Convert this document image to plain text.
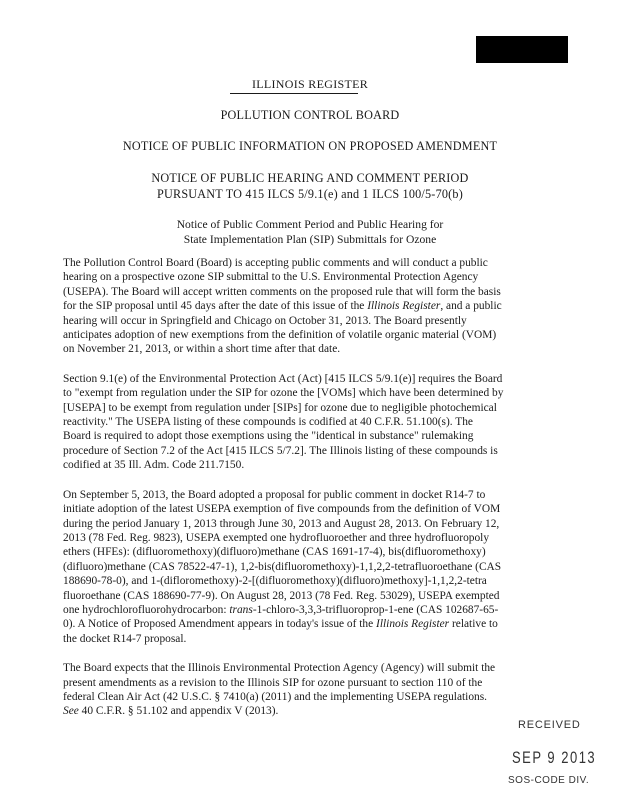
ILLINOIS REGISTER
POLLUTION CONTROL BOARD
NOTICE OF PUBLIC INFORMATION ON PROPOSED AMENDMENT
NOTICE OF PUBLIC HEARING AND COMMENT PERIOD
PURSUANT TO 415 ILCS 5/9.1(e) and 1 ILCS 100/5-70(b)
Notice of Public Comment Period and Public Hearing for
State Implementation Plan (SIP) Submittals for Ozone

The Pollution Control Board (Board) is accepting public comments and will conduct a public
hearing on a prospective ozone SIP submittal to the U.S. Environmental Protection Agency
(USEPA). The Board will accept written comments on the proposed rule that will form the basis
for the SIP proposal until 45 days after the date of this issue of the Illinois Register, and a public
hearing will occur in Springfield and Chicago on October 31, 2013. The Board presently
anticipates adoption of new exemptions from the definition of volatile organic material (VOM)
on November 21, 2013, or within a short time after that date.

Section 9.1(e) of the Environmental Protection Act (Act) [415 ILCS 5/9.1(e)] requires the Board
to "exempt from regulation under the SIP for ozone the [VOMs] which have been determined by
[USEPA] to be exempt from regulation under [SIPs] for ozone due to negligible photochemical
reactivity." The USEPA listing of these compounds is codified at 40 C.F.R. 51.100(s). The
Board is required to adopt those exemptions using the "identical in substance" rulemaking
procedure of Section 7.2 of the Act [415 ILCS 5/7.2]. The Illinois listing of these compounds is
codified at 35 Ill. Adm. Code 211.7150.

On September 5, 2013, the Board adopted a proposal for public comment in docket R14-7 to
initiate adoption of the latest USEPA exemption of five compounds from the definition of VOM
during the period January 1, 2013 through June 30, 2013 and August 28, 2013. On February 12,
2013 (78 Fed. Reg. 9823), USEPA exempted one hydrofluoroether and three hydrofluoropoly
ethers (HFEs): (difluoromethoxy)(difluoro)methane (CAS 1691-17-4), bis(difluoromethoxy)
(difluoro)methane (CAS 78522-47-1), 1,2-bis(difluoromethoxy)-1,1,2,2-tetrafluoroethane (CAS
188690-78-0), and 1-(difloromethoxy)-2-[(difluoromethoxy)(difluoro)methoxy]-1,1,2,2-tetra
fluoroethane (CAS 188690-77-9). On August 28, 2013 (78 Fed. Reg. 53029), USEPA exempted
one hydrochlorofluorohydrocarbon: trans-1-chloro-3,3,3-trifluoroprop-1-ene (CAS 102687-65-
0). A Notice of Proposed Amendment appears in today's issue of the Illinois Register relative to
the docket R14-7 proposal.

The Board expects that the Illinois Environmental Protection Agency (Agency) will submit the
present amendments as a revision to the Illinois SIP for ozone pursuant to section 110 of the
federal Clean Air Act (42 U.S.C. § 7410(a) (2011) and the implementing USEPA regulations.
See 40 C.F.R. § 51.102 and appendix V (2013).

RECEIVED
SEP 9 2013
SOS-CODE DIV.
